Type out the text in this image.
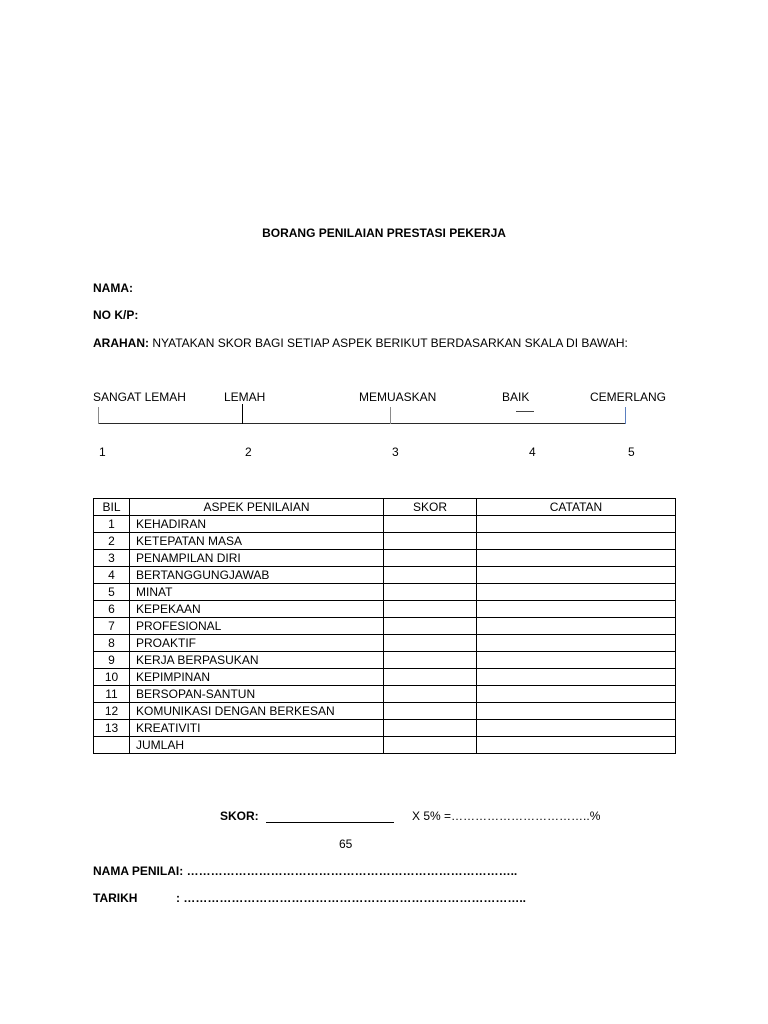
BORANG PENILAIAN PRESTASI PEKERJA
NAMA:
NO K/P:
ARAHAN: NYATAKAN SKOR BAGI SETIAP ASPEK BERIKUT BERDASARKAN SKALA DI BAWAH:
SANGAT LEMAH	LEMAH	MEMUASKAN	BAIK	CEMERLANG
1	2	3	4	5
BIL	ASPEK PENILAIAN	SKOR	CATATAN
1	KEHADIRAN		
2	KETEPATAN MASA		
3	PENAMPILAN DIRI		
4	BERTANGGUNGJAWAB		
5	MINAT		
6	KEPEKAAN		
7	PROFESIONAL		
8	PROAKTIF		
9	KERJA BERPASUKAN		
10	KEPIMPINAN		
11	BERSOPAN-SANTUN		
12	KOMUNIKASI DENGAN BERKESAN		
13	KREATIVITI		
	JUMLAH		
SKOR:	X 5% =……………………………..%
65
NAMA PENILAI: ………………………………………………………………………..
TARIKH	: …………………………………………………………………………..
